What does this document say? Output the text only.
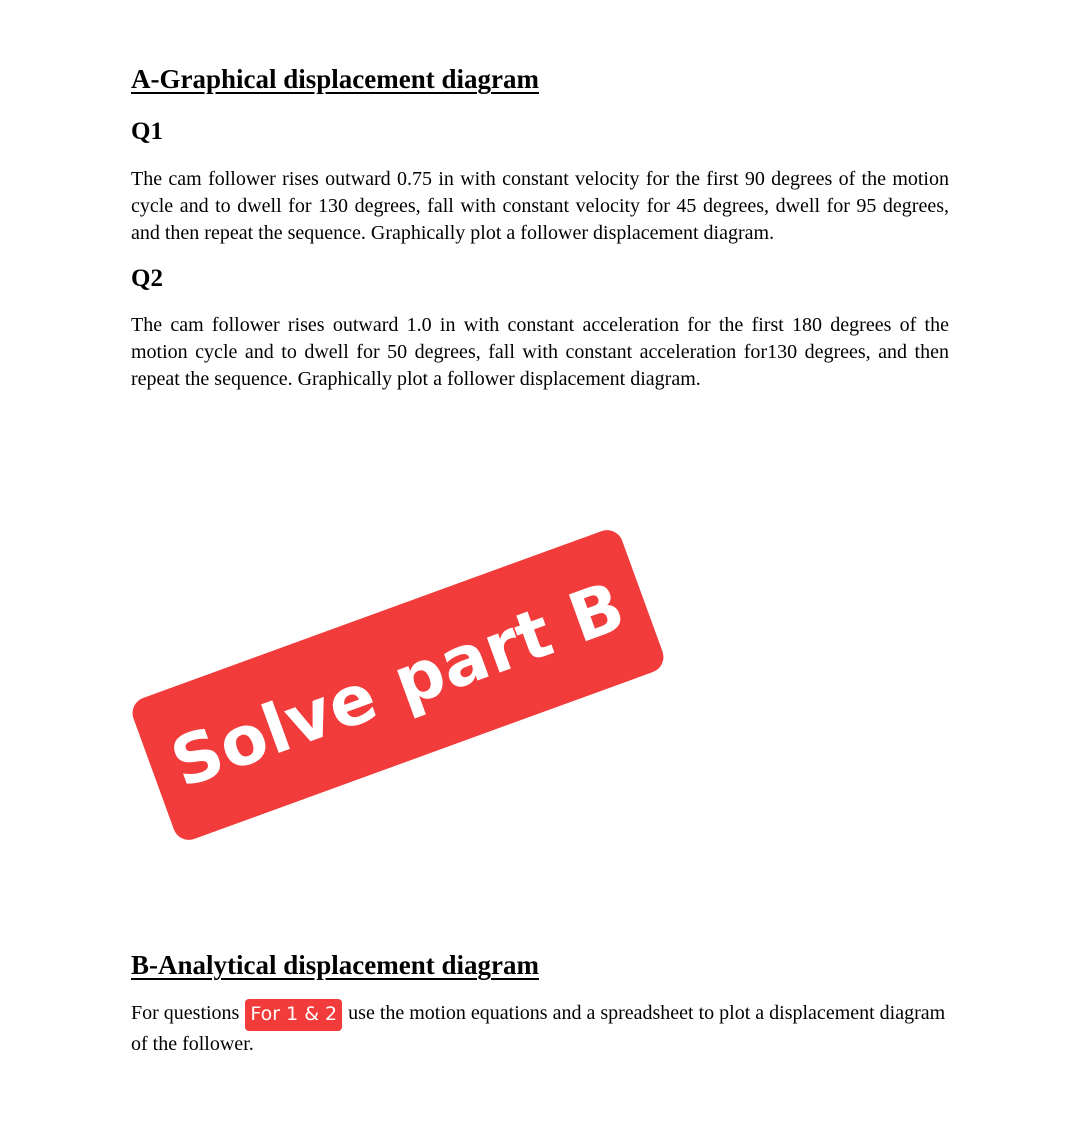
A-Graphical displacement diagram
Q1

The cam follower rises outward 0.75 in with constant velocity for the first 90 degrees of the motion cycle and to dwell for 130 degrees, fall with constant velocity for 45 degrees, dwell for 95 degrees, and then repeat the sequence. Graphically plot a follower displacement diagram.

Q2

The cam follower rises outward 1.0 in with constant acceleration for the first 180 degrees of the motion cycle and to dwell for 50 degrees, fall with constant acceleration for130 degrees, and then repeat the sequence. Graphically plot a follower displacement diagram.

Solve part B
B-Analytical displacement diagram

For questions For 1 & 2 use the motion equations and a spreadsheet to plot a displacement diagram of the follower.
